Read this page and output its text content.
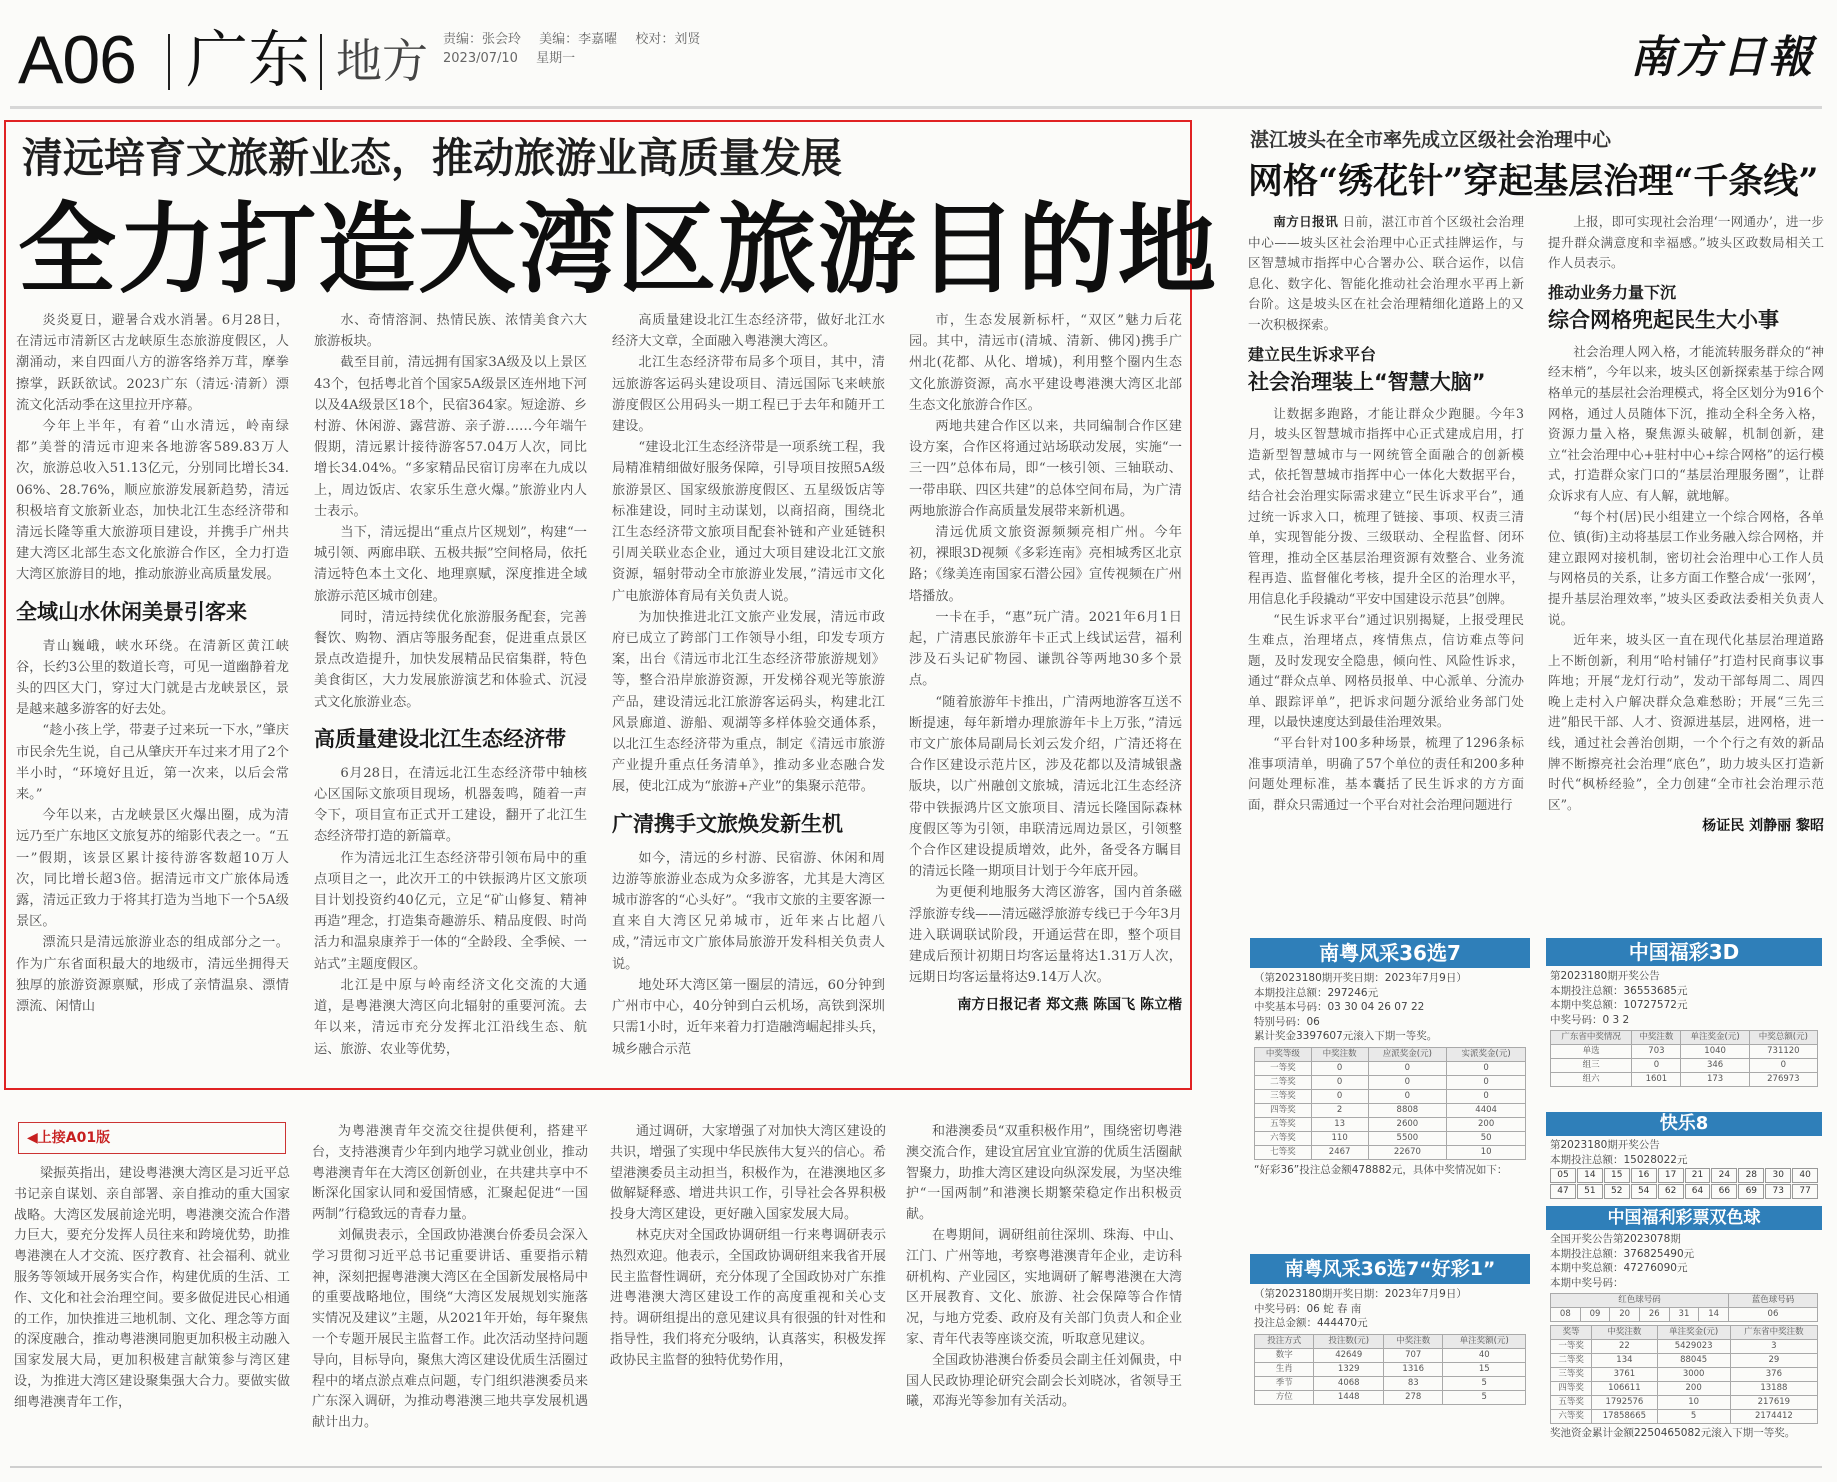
A06 广东 地方 责编：张会玲 美编：李嘉曜 校对：刘贤
2023/07/10 星期一	南方日報
清远培育文旅新业态，推动旅游业高质量发展
全力打造大湾区旅游目的地

炎炎夏日，避暑合戏水消暑。6月28日，在清远市清新区古龙峡原生态旅游度假区，人潮涌动，来自四面八方的游客络养万茸，摩拳擦掌，跃跃欲试。2023广东（清远·清新）漂流文化活动季在这里拉开序幕。

今年上半年，有着“山水清远，岭南绿都”美誉的清远市迎来各地游客589.83万人次，旅游总收入51.13亿元，分别同比增长34.06%、28.76%，顺应旅游发展新趋势，清远积极培育文旅新业态，加快北江生态经济带和清远长隆等重大旅游项目建设，并携手广州共建大湾区北部生态文化旅游合作区，全力打造大湾区旅游目的地，推动旅游业高质量发展。

全域山水休闲美景引客来

青山巍峨，峡水环绕。在清新区黄江峡谷，长约3公里的数道长弯，可见一道幽静着龙头的四区大门，穿过大门就是古龙峡景区，景是越来越多游客的好去处。

“趁小孩上学，带妻子过来玩一下水，”肇庆市民余先生说，自己从肇庆开车过来才用了2个半小时，“环境好且近，第一次来，以后会常来。”

今年以来，古龙峡景区火爆出圈，成为清远乃至广东地区文旅复苏的缩影代表之一。“五一”假期，该景区累计接待游客数超10万人次，同比增长超3倍。据清远市文广旅体局透露，清远正致力于将其打造为当地下一个5A级景区。

漂流只是清远旅游业态的组成部分之一。作为广东省面积最大的地级市，清远坐拥得天独厚的旅游资源禀赋，形成了亲情温泉、漂情漂流、闲情山

水、奇情溶洞、热情民族、浓情美食六大旅游板块。

截至目前，清远拥有国家3A级及以上景区43个，包括粤北首个国家5A级景区连州地下河以及4A级景区18个，民宿364家。短途游、乡村游、休闲游、露营游、亲子游……今年端午假期，清远累计接待游客57.04万人次，同比增长34.04%。“多家精品民宿订房率在九成以上，周边饭店、农家乐生意火爆。”旅游业内人士表示。

当下，清远提出“重点片区规划”，构建“一城引领、两廊串联、五极共振”空间格局，依托清远特色本土文化、地理禀赋，深度推进全域旅游示范区城市创建。

同时，清远持续优化旅游服务配套，完善餐饮、购物、酒店等服务配套，促进重点景区景点改造提升，加快发展精品民宿集群，特色美食街区，大力发展旅游演艺和体验式、沉浸式文化旅游业态。

高质量建设北江生态经济带

6月28日，在清远北江生态经济带中轴核心区国际文旅项目现场，机器轰鸣，随着一声令下，项目宣布正式开工建设，翻开了北江生态经济带打造的新篇章。

作为清远北江生态经济带引领布局中的重点项目之一，此次开工的中铁振鸿片区文旅项目计划投资约40亿元，立足“矿山修复、精神再造”理念，打造集奇趣游乐、精品度假、时尚活力和温泉康养于一体的“全龄段、全季候、一站式”主题度假区。

北江是中原与岭南经济文化交流的大通道，是粤港澳大湾区向北辐射的重要河流。去年以来，清远市充分发挥北江沿线生态、航运、旅游、农业等优势，

高质量建设北江生态经济带，做好北江水经济大文章，全面融入粤港澳大湾区。

北江生态经济带布局多个项目，其中，清远旅游客运码头建设项目、清远国际飞来峡旅游度假区公用码头一期工程已于去年和随开工建设。

“建设北江生态经济带是一项系统工程，我局精准精细做好服务保障，引导项目按照5A级旅游景区、国家级旅游度假区、五星级饭店等标准建设，同时主动谋划，以商招商，围绕北江生态经济带文旅项目配套补链和产业延链积引周关联业态企业，通过大项目建设北江文旅资源，辐射带动全市旅游业发展，”清远市文化广电旅游体育局有关负责人说。

为加快推进北江文旅产业发展，清远市政府已成立了跨部门工作领导小组，印发专项方案，出台《清远市北江生态经济带旅游规划》等，整合沿岸旅游资源，开发梯谷观光等旅游产品，建设清远北江旅游客运码头，构建北江风景廊道、游船、观湖等多样体验交通体系，以北江生态经济带为重点，制定《清远市旅游产业提升重点任务清单》，推动多业态融合发展，使北江成为“旅游+产业”的集聚示范带。

广清携手文旅焕发新生机

如今，清远的乡村游、民宿游、休闲和周边游等旅游业态成为众多游客，尤其是大湾区城市游客的“心头好”。“我市文旅的主要客源一直来自大湾区兄弟城市，近年来占比超八成，”清远市文广旅体局旅游开发科相关负责人说。

地处环大湾区第一圈层的清远，60分钟到广州市中心，40分钟到白云机场，高铁到深圳只需1小时，近年来着力打造融湾崛起排头兵，城乡融合示范

市，生态发展新标杆，“双区”魅力后花园。其中，清远市(清城、清新、佛冈)携手广州北(花都、从化、增城)，利用整个圈内生态文化旅游资源，高水平建设粤港澳大湾区北部生态文化旅游合作区。

两地共建合作区以来，共同编制合作区建设方案，合作区将通过站场联动发展，实施“一三一四”总体布局，即“一核引领、三轴联动、一带串联、四区共建”的总体空间布局，为广清两地旅游合作高质量发展带来新机遇。

清远优质文旅资源频频亮相广州。今年初，裸眼3D视频《多彩连南》亮相城秀区北京路；《缘美连南国家石潜公园》宣传视频在广州塔播放。

一卡在手，“惠”玩广清。2021年6月1日起，广清惠民旅游年卡正式上线试运营，福利涉及石头记矿物园、谦凯谷等两地30多个景点。

“随着旅游年卡推出，广清两地游客互送不断提速，每年新增办理旅游年卡上万张，”清远市文广旅体局副局长刘云发介绍，广清还将在合作区建设示范片区，涉及花都以及清城银盏版块，以广州融创文旅城，清远北江生态经济带中铁振鸿片区文旅项目、清远长隆国际森林度假区等为引领，串联清远周边景区，引领整个合作区建设提质增效，此外，备受各方瞩目的清远长隆一期项目计划于今年底开园。

为更便利地服务大湾区游客，国内首条磁浮旅游专线——清远磁浮旅游专线已于今年3月进入联调联试阶段，开通运营在即，整个项目建成后预计初期日均客运量将达1.31万人次，远期日均客运量将达9.14万人次。

南方日报记者 郑文燕 陈国飞 陈立楷
湛江坡头在全市率先成立区级社会治理中心
网格“绣花针”穿起基层治理“千条线”

南方日报讯 日前，湛江市首个区级社会治理中心——坡头区社会治理中心正式挂牌运作，与区智慧城市指挥中心合署办公、联合运作，以信息化、数字化、智能化推动社会治理水平再上新台阶。这是坡头区在社会治理精细化道路上的又一次积极探索。

建立民生诉求平台
社会治理装上“智慧大脑”

让数据多跑路，才能让群众少跑腿。今年3月，坡头区智慧城市指挥中心正式建成启用，打造新型智慧城市与一网统管全面融合的创新模式，依托智慧城市指挥中心一体化大数据平台，结合社会治理实际需求建立“民生诉求平台”，通过统一诉求入口，梳理了链接、事项、权责三清单，实现智能分拨、三级联动、全程监督、闭环管理，推动全区基层治理资源有效整合、业务流程再造、监督催化考核，提升全区的治理水平，用信息化手段撬动“平安中国建设示范县”创牌。

“民生诉求平台”通过识别揭疑，上报受理民生难点，治理堵点，疼情焦点，信访难点等问题，及时发现安全隐患，倾向性、风险性诉求，通过“群众点单、网格员报单、中心派单、分流办单、跟踪评单”，把诉求问题分派给业务部门处理，以最快速度达到最佳治理效果。

“平台针对100多种场景，梳理了1296条标准事项清单，明确了57个单位的责任和200多种问题处理标准，基本囊括了民生诉求的方方面面，群众只需通过一个平台对社会治理问题进行

上报，即可实现社会治理‘一网通办’，进一步提升群众满意度和幸福感。”坡头区政数局相关工作人员表示。

推动业务力量下沉
综合网格兜起民生大小事

社会治理人网入格，才能流转服务群众的“神经末梢”，今年以来，坡头区创新探索基于综合网格单元的基层社会治理模式，将全区划分为916个网格，通过人员随体下沉，推动全科全务入格，资源力量入格，聚焦源头破解，机制创新，建立“社会治理中心+驻村中心+综合网格”的运行模式，打造群众家门口的“基层治理服务圈”，让群众诉求有人应、有人解，就地解。

“每个村(居)民小组建立一个综合网格，各单位、镇(街)主动将基层工作业务融入综合网格，并建立跟网对接机制，密切社会治理中心工作人员与网格员的关系，让多方面工作整合成‘一张网’，提升基层治理效率，”坡头区委政法委相关负责人说。

近年来，坡头区一直在现代化基层治理道路上不断创新，利用“哈村铺仔”打造村民商事议事阵地；开展“龙灯行动”，发动干部每周二、周四晚上走村入户解决群众急难愁盼；开展“三先三进”船民干部、人才、资源进基层，进网格，进一线，通过社会善治创期，一个个行之有效的新品牌不断擦亮社会治理“底色”，助力坡头区打造新时代“枫桥经验”，全力创建“全市社会治理示范区”。

杨证民 刘静丽 黎昭

梁振英指出，建设粤港澳大湾区是习近平总书记亲自谋划、亲自部署、亲自推动的重大国家战略。大湾区发展前途光明，粤港澳交流合作潜力巨大，要充分发挥人员往来和跨境优势，助推粤港澳在人才交流、医疗教育、社会福利、就业服务等领域开展务实合作，构建优质的生活、工作、文化和社会治理空间。要多做促进民心相通的工作，加快推进三地机制、文化、理念等方面的深度融合，推动粤港澳同胞更加积极主动融入国家发展大局，更加积极建言献策参与湾区建设，为推进大湾区建设聚集强大合力。要做实做细粤港澳青年工作，

为粤港澳青年交流交往提供便利，搭建平台，支持港澳青少年到内地学习就业创业，推动粤港澳青年在大湾区创新创业，在共建共享中不断深化国家认同和爱国情感，汇聚起促进“一国两制”行稳致远的青春力量。

刘佩贵表示，全国政协港澳台侨委员会深入学习贯彻习近平总书记重要讲话、重要指示精神，深刻把握粤港澳大湾区在全国新发展格局中的重要战略地位，围绕“大湾区发展规划实施落实情况及建议”主题，从2021年开始，每年聚焦一个专题开展民主监督工作。此次活动坚持问题导向，目标导向，聚焦大湾区建设优质生活圈过程中的堵点淤点难点问题，专门组织港澳委员来广东深入调研，为推动粤港澳三地共享发展机遇献计出力。

通过调研，大家增强了对加快大湾区建设的共识，增强了实现中华民族伟大复兴的信心。希望港澳委员主动担当，积极作为，在港澳地区多做解疑释惑、增进共识工作，引导社会各界积极投身大湾区建设，更好融入国家发展大局。

林克庆对全国政协调研组一行来粤调研表示热烈欢迎。他表示，全国政协调研组来我省开展民主监督性调研，充分体现了全国政协对广东推进粤港澳大湾区建设工作的高度重视和关心支持。调研组提出的意见建议具有很强的针对性和指导性，我们将充分吸纳，认真落实，积极发挥政协民主监督的独特优势作用，

和港澳委员“双重积极作用”，围绕密切粤港澳交流合作，建设宜居宜业宜游的优质生活圈献智聚力，助推大湾区建设向纵深发展，为坚决维护“一国两制”和港澳长期繁荣稳定作出积极贡献。

在粤期间，调研组前往深圳、珠海、中山、江门、广州等地，考察粤港澳青年企业，走访科研机构、产业园区，实地调研了解粤港澳在大湾区开展教育、文化、旅游、社会保障等合作情况，与地方党委、政府及有关部门负责人和企业家、青年代表等座谈交流，听取意见建议。

全国政协港澳台侨委员会副主任刘佩贵，中国人民政协理论研究会副会长刘晓冰，省领导王曦，邓海光等参加有关活动。

◀上接A01版
南粤风采36选7
（第2023180期开奖日期：2023年7月9日）
本期投注总额：297246元
中奖基本号码：03 30 04 26 07 22
特别号码：06
累计奖金3397607元滚入下期一等奖。
中奖等级	中奖注数	应派奖金(元)	实派奖金(元)
一等奖	0	0	0
二等奖	0	0	0
三等奖	0	0	0
四等奖	2	8808	4404
五等奖	13	2600	200
六等奖	110	5500	50
七等奖	2467	22670	10
“好彩36”投注总金额478882元，具体中奖情况如下：
南粤风采36选7“好彩1”
（第2023180期开奖日期：2023年7月9日）
中奖号码：06 蛇 春 南
投注总金额：444470元
投注方式	投注数(元)	中奖注数	单注奖额(元)
数字	42649	707	40
生肖	1329	1316	15
季节	4068	83	5
方位	1448	278	5
中国福彩3D
第2023180期开奖公告
本期投注总额：36553685元
本期中奖总额：10727572元
中奖号码：0 3 2
广东省中奖情况	中奖注数	单注奖金(元)	中奖总额(元)
单选	703	1040	731120
组三	0	346	0
组六	1601	173	276973
快乐8
第2023180期开奖公告
本期投注总额：15028022元
05	14	15	16	17	21	24	28	30	40
47	51	52	54	62	64	66	69	73	77
中国福利彩票双色球
全国开奖公告第2023078期
本期投注总额：376825490元
本期中奖总额：47276090元
本期中奖号码：
红色球号码						蓝色球号码
08	09	20	26	31	14	06
奖等	中奖注数	单注奖金(元)	广东省中奖注数
一等奖	22	5429023	3
二等奖	134	88045	29
三等奖	3761	3000	376
四等奖	106611	200	13188
五等奖	1792576	10	217619
六等奖	17858665	5	2174412
奖池资金累计金额2250465082元滚入下期一等奖。
